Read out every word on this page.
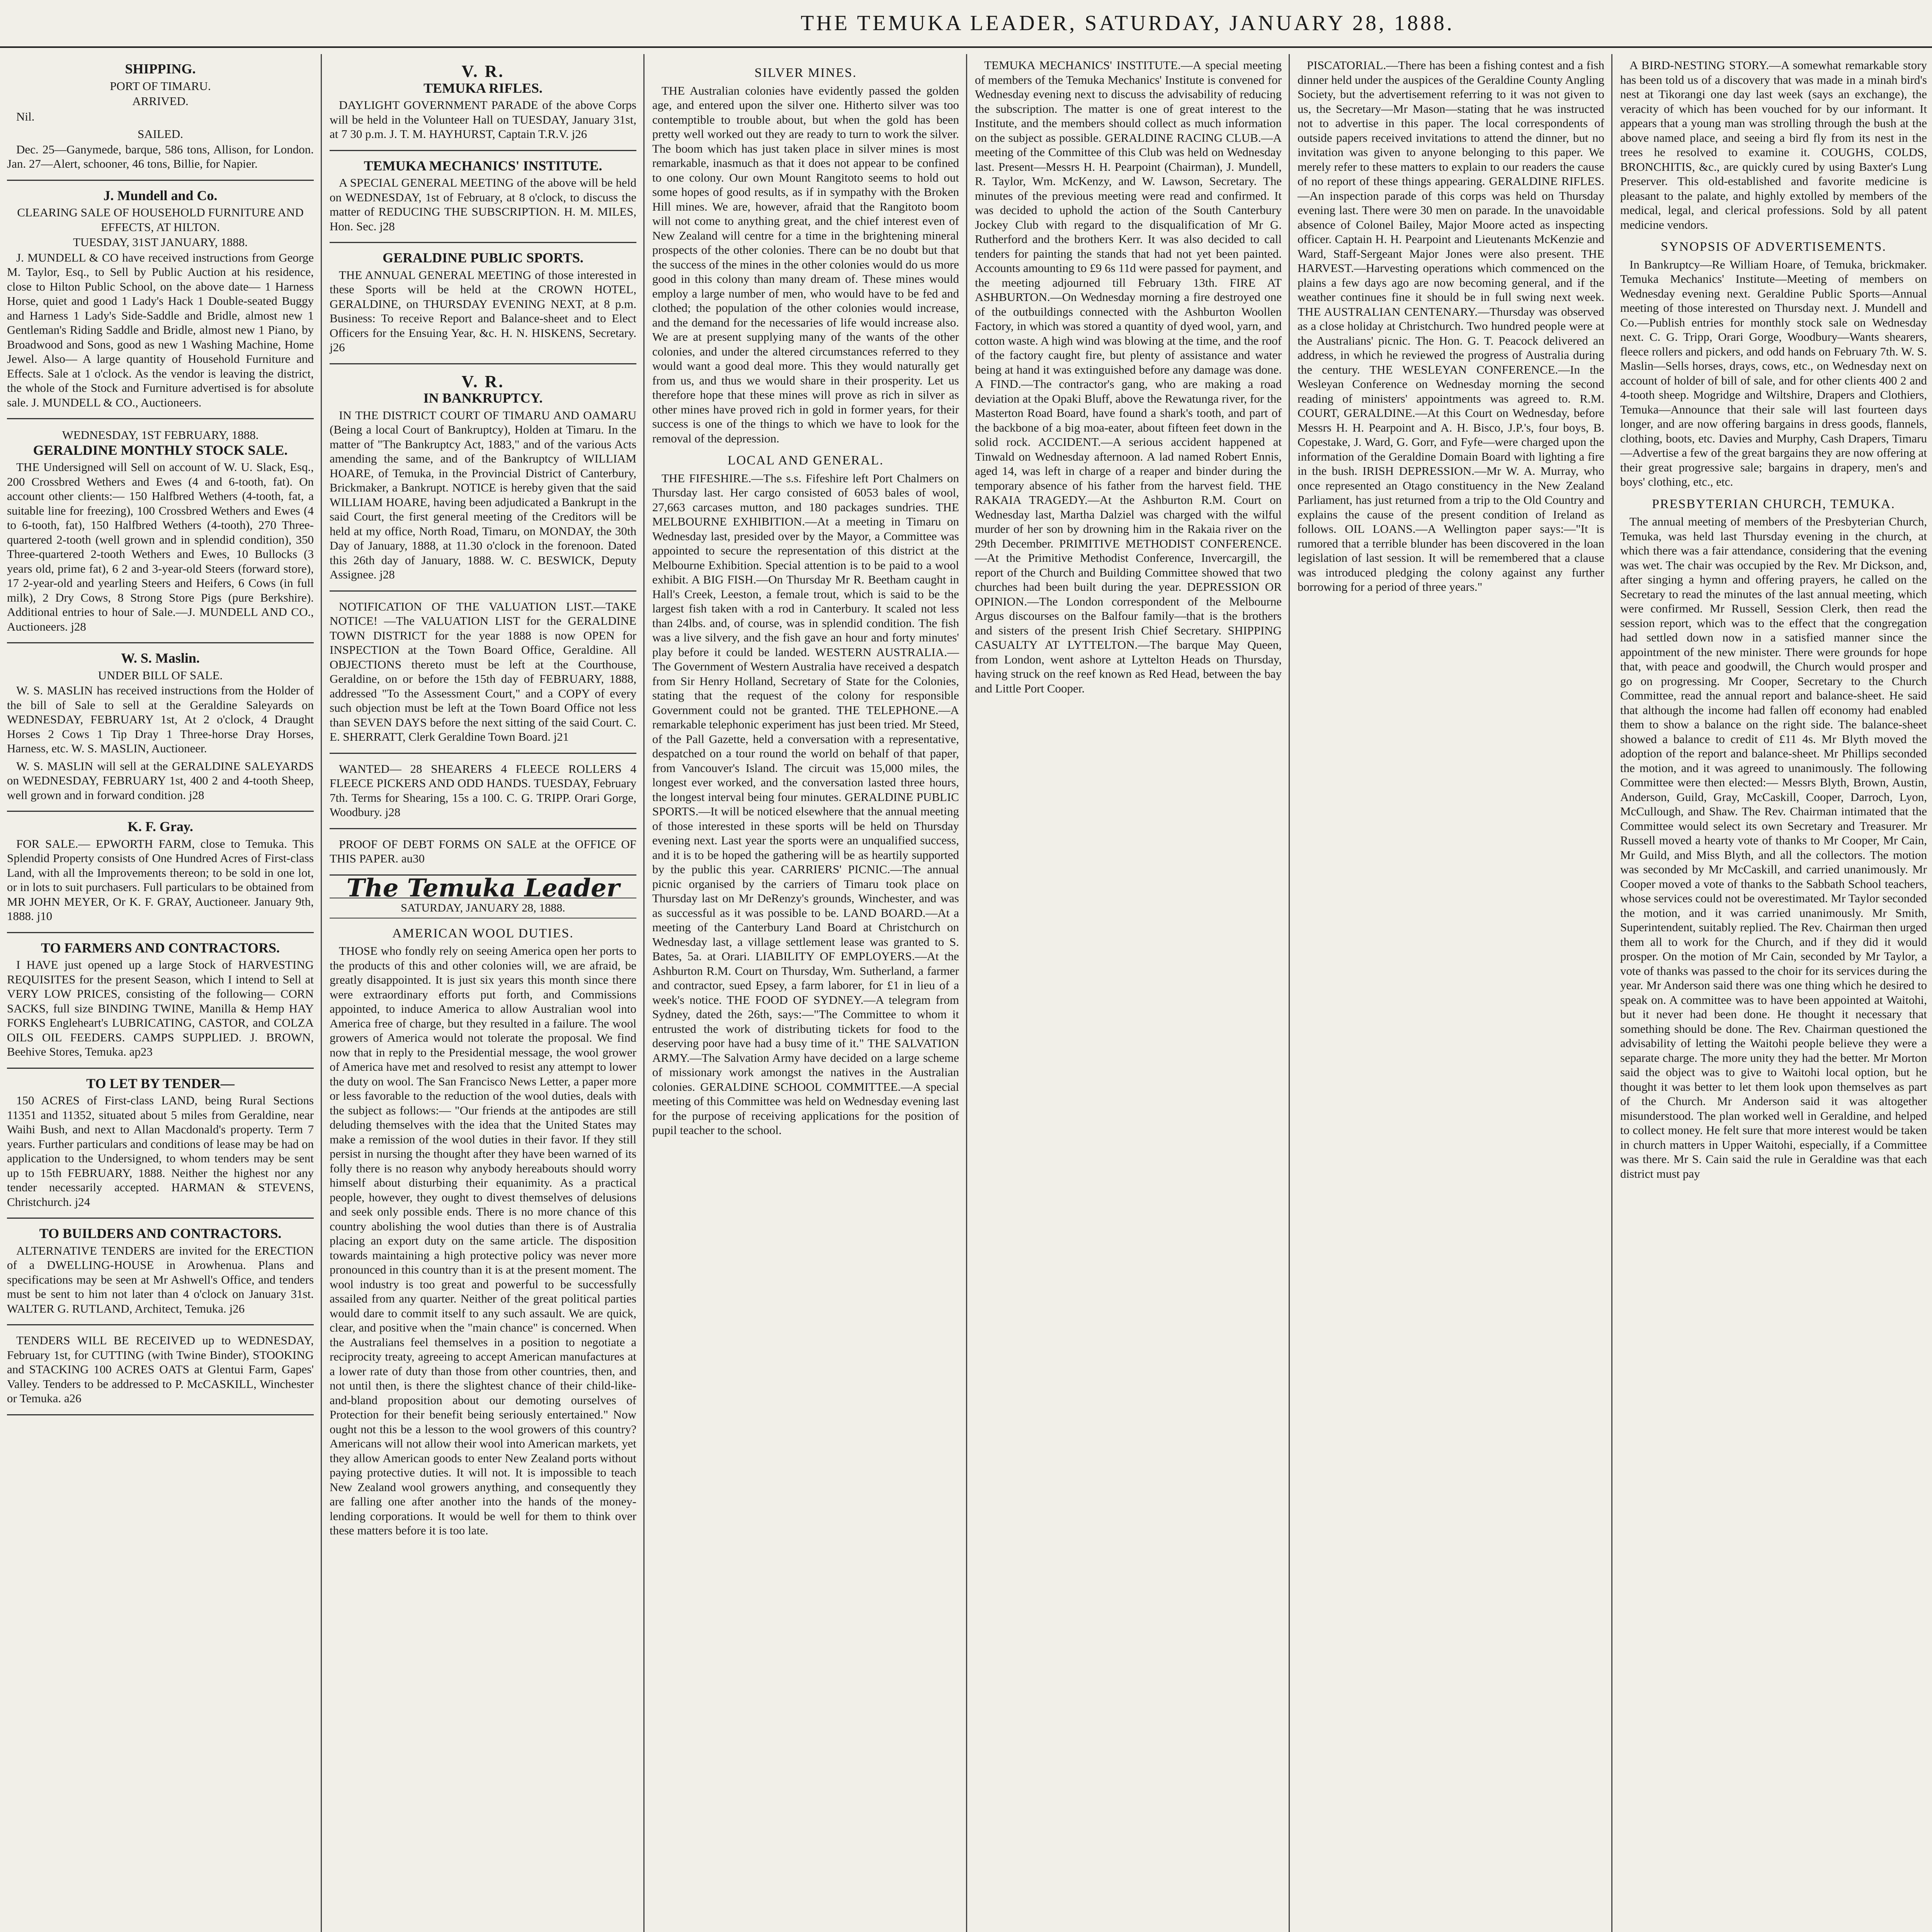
THE TEMUKA LEADER, SATURDAY, JANUARY 28, 1888.
SHIPPING.
PORT OF TIMARU.
ARRIVED.

Nil.

SAILED.

Dec. 25—Ganymede, barque, 586 tons, Allison, for London. Jan. 27—Alert, schooner, 46 tons, Billie, for Napier.

J. Mundell and Co.
CLEARING SALE OF HOUSEHOLD FURNITURE AND EFFECTS, AT HILTON.
TUESDAY, 31ST JANUARY, 1888.

J. MUNDELL & CO have received instructions from George M. Taylor, Esq., to Sell by Public Auction at his residence, close to Hilton Public School, on the above date— 1 Harness Horse, quiet and good 1 Lady's Hack 1 Double-seated Buggy and Harness 1 Lady's Side-Saddle and Bridle, almost new 1 Gentleman's Riding Saddle and Bridle, almost new 1 Piano, by Broadwood and Sons, good as new 1 Washing Machine, Home Jewel. Also— A large quantity of Household Furniture and Effects. Sale at 1 o'clock. As the vendor is leaving the district, the whole of the Stock and Furniture advertised is for absolute sale. J. MUNDELL & CO., Auctioneers.

WEDNESDAY, 1ST FEBRUARY, 1888.
GERALDINE MONTHLY STOCK SALE.

THE Undersigned will Sell on account of W. U. Slack, Esq., 200 Crossbred Wethers and Ewes (4 and 6-tooth, fat). On account other clients:— 150 Halfbred Wethers (4-tooth, fat, a suitable line for freezing), 100 Crossbred Wethers and Ewes (4 to 6-tooth, fat), 150 Halfbred Wethers (4-tooth), 270 Three-quartered 2-tooth (well grown and in splendid condition), 350 Three-quartered 2-tooth Wethers and Ewes, 10 Bullocks (3 years old, prime fat), 6 2 and 3-year-old Steers (forward store), 17 2-year-old and yearling Steers and Heifers, 6 Cows (in full milk), 2 Dry Cows, 8 Strong Store Pigs (pure Berkshire). Additional entries to hour of Sale.—J. MUNDELL AND CO., Auctioneers. j28

W. S. Maslin.
UNDER BILL OF SALE.

W. S. MASLIN has received instructions from the Holder of the bill of Sale to sell at the Geraldine Saleyards on WEDNESDAY, FEBRUARY 1st, At 2 o'clock, 4 Draught Horses 2 Cows 1 Tip Dray 1 Three-horse Dray Horses, Harness, etc. W. S. MASLIN, Auctioneer.

W. S. MASLIN will sell at the GERALDINE SALEYARDS on WEDNESDAY, FEBRUARY 1st, 400 2 and 4-tooth Sheep, well grown and in forward condition. j28

K. F. Gray.

FOR SALE.— EPWORTH FARM, close to Temuka. This Splendid Property consists of One Hundred Acres of First-class Land, with all the Improvements thereon; to be sold in one lot, or in lots to suit purchasers. Full particulars to be obtained from MR JOHN MEYER, Or K. F. GRAY, Auctioneer. January 9th, 1888. j10

TO FARMERS AND CONTRACTORS.

I HAVE just opened up a large Stock of HARVESTING REQUISITES for the present Season, which I intend to Sell at VERY LOW PRICES, consisting of the following— CORN SACKS, full size BINDING TWINE, Manilla & Hemp HAY FORKS Engleheart's LUBRICATING, CASTOR, and COLZA OILS OIL FEEDERS. CAMPS SUPPLIED. J. BROWN, Beehive Stores, Temuka. ap23

TO LET BY TENDER—

150 ACRES of First-class LAND, being Rural Sections 11351 and 11352, situated about 5 miles from Geraldine, near Waihi Bush, and next to Allan Macdonald's property. Term 7 years. Further particulars and conditions of lease may be had on application to the Undersigned, to whom tenders may be sent up to 15th FEBRUARY, 1888. Neither the highest nor any tender necessarily accepted. HARMAN & STEVENS, Christchurch. j24

TO BUILDERS AND CONTRACTORS.

ALTERNATIVE TENDERS are invited for the ERECTION of a DWELLING-HOUSE in Arowhenua. Plans and specifications may be seen at Mr Ashwell's Office, and tenders must be sent to him not later than 4 o'clock on January 31st. WALTER G. RUTLAND, Architect, Temuka. j26

TENDERS WILL BE RECEIVED up to WEDNESDAY, February 1st, for CUTTING (with Twine Binder), STOOKING and STACKING 100 ACRES OATS at Glentui Farm, Gapes' Valley. Tenders to be addressed to P. McCASKILL, Winchester or Temuka. a26

V. R.
TEMUKA RIFLES.

DAYLIGHT GOVERNMENT PARADE of the above Corps will be held in the Volunteer Hall on TUESDAY, January 31st, at 7 30 p.m. J. T. M. HAYHURST, Captain T.R.V. j26

TEMUKA MECHANICS' INSTITUTE.

A SPECIAL GENERAL MEETING of the above will be held on WEDNESDAY, 1st of February, at 8 o'clock, to discuss the matter of REDUCING THE SUBSCRIPTION. H. M. MILES, Hon. Sec. j28

GERALDINE PUBLIC SPORTS.

THE ANNUAL GENERAL MEETING of those interested in these Sports will be held at the CROWN HOTEL, GERALDINE, on THURSDAY EVENING NEXT, at 8 p.m. Business: To receive Report and Balance-sheet and to Elect Officers for the Ensuing Year, &c. H. N. HISKENS, Secretary. j26

V. R.
IN BANKRUPTCY.

IN THE DISTRICT COURT OF TIMARU AND OAMARU (Being a local Court of Bankruptcy), Holden at Timaru. In the matter of "The Bankruptcy Act, 1883," and of the various Acts amending the same, and of the Bankruptcy of WILLIAM HOARE, of Temuka, in the Provincial District of Canterbury, Brickmaker, a Bankrupt. NOTICE is hereby given that the said WILLIAM HOARE, having been adjudicated a Bankrupt in the said Court, the first general meeting of the Creditors will be held at my office, North Road, Timaru, on MONDAY, the 30th Day of January, 1888, at 11.30 o'clock in the forenoon. Dated this 26th day of January, 1888. W. C. BESWICK, Deputy Assignee. j28

NOTIFICATION OF THE VALUATION LIST.—TAKE NOTICE! —The VALUATION LIST for the GERALDINE TOWN DISTRICT for the year 1888 is now OPEN for INSPECTION at the Town Board Office, Geraldine. All OBJECTIONS thereto must be left at the Courthouse, Geraldine, on or before the 15th day of FEBRUARY, 1888, addressed "To the Assessment Court," and a COPY of every such objection must be left at the Town Board Office not less than SEVEN DAYS before the next sitting of the said Court. C. E. SHERRATT, Clerk Geraldine Town Board. j21

WANTED— 28 SHEARERS 4 FLEECE ROLLERS 4 FLEECE PICKERS AND ODD HANDS. TUESDAY, February 7th. Terms for Shearing, 15s a 100. C. G. TRIPP. Orari Gorge, Woodbury. j28

PROOF OF DEBT FORMS ON SALE at the OFFICE OF THIS PAPER. au30

The Temuka Leader
SATURDAY, JANUARY 28, 1888.
AMERICAN WOOL DUTIES.

THOSE who fondly rely on seeing America open her ports to the products of this and other colonies will, we are afraid, be greatly disappointed. It is just six years this month since there were extraordinary efforts put forth, and Commissions appointed, to induce America to allow Australian wool into America free of charge, but they resulted in a failure. The wool growers of America would not tolerate the proposal. We find now that in reply to the Presidential message, the wool grower of America have met and resolved to resist any attempt to lower the duty on wool. The San Francisco News Letter, a paper more or less favorable to the reduction of the wool duties, deals with the subject as follows:— "Our friends at the antipodes are still deluding themselves with the idea that the United States may make a remission of the wool duties in their favor. If they still persist in nursing the thought after they have been warned of its folly there is no reason why anybody hereabouts should worry himself about disturbing their equanimity. As a practical people, however, they ought to divest themselves of delusions and seek only possible ends. There is no more chance of this country abolishing the wool duties than there is of Australia placing an export duty on the same article. The disposition towards maintaining a high protective policy was never more pronounced in this country than it is at the present moment. The wool industry is too great and powerful to be successfully assailed from any quarter. Neither of the great political parties would dare to commit itself to any such assault. We are quick, clear, and positive when the "main chance" is concerned. When the Australians feel themselves in a position to negotiate a reciprocity treaty, agreeing to accept American manufactures at a lower rate of duty than those from other countries, then, and not until then, is there the slightest chance of their child-like-and-bland proposition about our demoting ourselves of Protection for their benefit being seriously entertained." Now ought not this be a lesson to the wool growers of this country? Americans will not allow their wool into American markets, yet they allow American goods to enter New Zealand ports without paying protective duties. It will not. It is impossible to teach New Zealand wool growers anything, and consequently they are falling one after another into the hands of the money-lending corporations. It would be well for them to think over these matters before it is too late.

SILVER MINES.

THE Australian colonies have evidently passed the golden age, and entered upon the silver one. Hitherto silver was too contemptible to trouble about, but when the gold has been pretty well worked out they are ready to turn to work the silver. The boom which has just taken place in silver mines is most remarkable, inasmuch as that it does not appear to be confined to one colony. Our own Mount Rangitoto seems to hold out some hopes of good results, as if in sympathy with the Broken Hill mines. We are, however, afraid that the Rangitoto boom will not come to anything great, and the chief interest even of New Zealand will centre for a time in the brightening mineral prospects of the other colonies. There can be no doubt but that the success of the mines in the other colonies would do us more good in this colony than many dream of. These mines would employ a large number of men, who would have to be fed and clothed; the population of the other colonies would increase, and the demand for the necessaries of life would increase also. We are at present supplying many of the wants of the other colonies, and under the altered circumstances referred to they would want a good deal more. This they would naturally get from us, and thus we would share in their prosperity. Let us therefore hope that these mines will prove as rich in silver as other mines have proved rich in gold in former years, for their success is one of the things to which we have to look for the removal of the depression.

LOCAL AND GENERAL.

THE FIFESHIRE.—The s.s. Fifeshire left Port Chalmers on Thursday last. Her cargo consisted of 6053 bales of wool, 27,663 carcases mutton, and 180 packages sundries. THE MELBOURNE EXHIBITION.—At a meeting in Timaru on Wednesday last, presided over by the Mayor, a Committee was appointed to secure the representation of this district at the Melbourne Exhibition. Special attention is to be paid to a wool exhibit. A BIG FISH.—On Thursday Mr R. Beetham caught in Hall's Creek, Leeston, a female trout, which is said to be the largest fish taken with a rod in Canterbury. It scaled not less than 24lbs. and, of course, was in splendid condition. The fish was a live silvery, and the fish gave an hour and forty minutes' play before it could be landed. WESTERN AUSTRALIA.—The Government of Western Australia have received a despatch from Sir Henry Holland, Secretary of State for the Colonies, stating that the request of the colony for responsible Government could not be granted. THE TELEPHONE.—A remarkable telephonic experiment has just been tried. Mr Steed, of the Pall Gazette, held a conversation with a representative, despatched on a tour round the world on behalf of that paper, from Vancouver's Island. The circuit was 15,000 miles, the longest ever worked, and the conversation lasted three hours, the longest interval being four minutes. GERALDINE PUBLIC SPORTS.—It will be noticed elsewhere that the annual meeting of those interested in these sports will be held on Thursday evening next. Last year the sports were an unqualified success, and it is to be hoped the gathering will be as heartily supported by the public this year. CARRIERS' PICNIC.—The annual picnic organised by the carriers of Timaru took place on Thursday last on Mr DeRenzy's grounds, Winchester, and was as successful as it was possible to be. LAND BOARD.—At a meeting of the Canterbury Land Board at Christchurch on Wednesday last, a village settlement lease was granted to S. Bates, 5a. at Orari. LIABILITY OF EMPLOYERS.—At the Ashburton R.M. Court on Thursday, Wm. Sutherland, a farmer and contractor, sued Epsey, a farm laborer, for £1 in lieu of a week's notice. THE FOOD OF SYDNEY.—A telegram from Sydney, dated the 26th, says:—"The Committee to whom it entrusted the work of distributing tickets for food to the deserving poor have had a busy time of it." THE SALVATION ARMY.—The Salvation Army have decided on a large scheme of missionary work amongst the natives in the Australian colonies. GERALDINE SCHOOL COMMITTEE.—A special meeting of this Committee was held on Wednesday evening last for the purpose of receiving applications for the position of pupil teacher to the school.

TEMUKA MECHANICS' INSTITUTE.—A special meeting of members of the Temuka Mechanics' Institute is convened for Wednesday evening next to discuss the advisability of reducing the subscription. The matter is one of great interest to the Institute, and the members should collect as much information on the subject as possible. GERALDINE RACING CLUB.—A meeting of the Committee of this Club was held on Wednesday last. Present—Messrs H. H. Pearpoint (Chairman), J. Mundell, R. Taylor, Wm. McKenzy, and W. Lawson, Secretary. The minutes of the previous meeting were read and confirmed. It was decided to uphold the action of the South Canterbury Jockey Club with regard to the disqualification of Mr G. Rutherford and the brothers Kerr. It was also decided to call tenders for painting the stands that had not yet been painted. Accounts amounting to £9 6s 11d were passed for payment, and the meeting adjourned till February 13th. FIRE AT ASHBURTON.—On Wednesday morning a fire destroyed one of the outbuildings connected with the Ashburton Woollen Factory, in which was stored a quantity of dyed wool, yarn, and cotton waste. A high wind was blowing at the time, and the roof of the factory caught fire, but plenty of assistance and water being at hand it was extinguished before any damage was done. A FIND.—The contractor's gang, who are making a road deviation at the Opaki Bluff, above the Rewatunga river, for the Masterton Road Board, have found a shark's tooth, and part of the backbone of a big moa-eater, about fifteen feet down in the solid rock. ACCIDENT.—A serious accident happened at Tinwald on Wednesday afternoon. A lad named Robert Ennis, aged 14, was left in charge of a reaper and binder during the temporary absence of his father from the harvest field. THE RAKAIA TRAGEDY.—At the Ashburton R.M. Court on Wednesday last, Martha Dalziel was charged with the wilful murder of her son by drowning him in the Rakaia river on the 29th December. PRIMITIVE METHODIST CONFERENCE.—At the Primitive Methodist Conference, Invercargill, the report of the Church and Building Committee showed that two churches had been built during the year. DEPRESSION OR OPINION.—The London correspondent of the Melbourne Argus discourses on the Balfour family—that is the brothers and sisters of the present Irish Chief Secretary. SHIPPING CASUALTY AT LYTTELTON.—The barque May Queen, from London, went ashore at Lyttelton Heads on Thursday, having struck on the reef known as Red Head, between the bay and Little Port Cooper.

PISCATORIAL.—There has been a fishing contest and a fish dinner held under the auspices of the Geraldine County Angling Society, but the advertisement referring to it was not given to us, the Secretary—Mr Mason—stating that he was instructed not to advertise in this paper. The local correspondents of outside papers received invitations to attend the dinner, but no invitation was given to anyone belonging to this paper. We merely refer to these matters to explain to our readers the cause of no report of these things appearing. GERALDINE RIFLES.—An inspection parade of this corps was held on Thursday evening last. There were 30 men on parade. In the unavoidable absence of Colonel Bailey, Major Moore acted as inspecting officer. Captain H. H. Pearpoint and Lieutenants McKenzie and Ward, Staff-Sergeant Major Jones were also present. THE HARVEST.—Harvesting operations which commenced on the plains a few days ago are now becoming general, and if the weather continues fine it should be in full swing next week. THE AUSTRALIAN CENTENARY.—Thursday was observed as a close holiday at Christchurch. Two hundred people were at the Australians' picnic. The Hon. G. T. Peacock delivered an address, in which he reviewed the progress of Australia during the century. THE WESLEYAN CONFERENCE.—In the Wesleyan Conference on Wednesday morning the second reading of ministers' appointments was agreed to. R.M. COURT, GERALDINE.—At this Court on Wednesday, before Messrs H. H. Pearpoint and A. H. Bisco, J.P.'s, four boys, B. Copestake, J. Ward, G. Gorr, and Fyfe—were charged upon the information of the Geraldine Domain Board with lighting a fire in the bush. IRISH DEPRESSION.—Mr W. A. Murray, who once represented an Otago constituency in the New Zealand Parliament, has just returned from a trip to the Old Country and explains the cause of the present condition of Ireland as follows. OIL LOANS.—A Wellington paper says:—"It is rumored that a terrible blunder has been discovered in the loan legislation of last session. It will be remembered that a clause was introduced pledging the colony against any further borrowing for a period of three years."

A BIRD-NESTING STORY.—A somewhat remarkable story has been told us of a discovery that was made in a minah bird's nest at Tikorangi one day last week (says an exchange), the veracity of which has been vouched for by our informant. It appears that a young man was strolling through the bush at the above named place, and seeing a bird fly from its nest in the trees he resolved to examine it. COUGHS, COLDS, BRONCHITIS, &c., are quickly cured by using Baxter's Lung Preserver. This old-established and favorite medicine is pleasant to the palate, and highly extolled by members of the medical, legal, and clerical professions. Sold by all patent medicine vendors.

SYNOPSIS OF ADVERTISEMENTS.

In Bankruptcy—Re William Hoare, of Temuka, brickmaker. Temuka Mechanics' Institute—Meeting of members on Wednesday evening next. Geraldine Public Sports—Annual meeting of those interested on Thursday next. J. Mundell and Co.—Publish entries for monthly stock sale on Wednesday next. C. G. Tripp, Orari Gorge, Woodbury—Wants shearers, fleece rollers and pickers, and odd hands on February 7th. W. S. Maslin—Sells horses, drays, cows, etc., on Wednesday next on account of holder of bill of sale, and for other clients 400 2 and 4-tooth sheep. Mogridge and Wiltshire, Drapers and Clothiers, Temuka—Announce that their sale will last fourteen days longer, and are now offering bargains in dress goods, flannels, clothing, boots, etc. Davies and Murphy, Cash Drapers, Timaru—Advertise a few of the great bargains they are now offering at their great progressive sale; bargains in drapery, men's and boys' clothing, etc., etc.

PRESBYTERIAN CHURCH, TEMUKA.

The annual meeting of members of the Presbyterian Church, Temuka, was held last Thursday evening in the church, at which there was a fair attendance, considering that the evening was wet. The chair was occupied by the Rev. Mr Dickson, and, after singing a hymn and offering prayers, he called on the Secretary to read the minutes of the last annual meeting, which were confirmed. Mr Russell, Session Clerk, then read the session report, which was to the effect that the congregation had settled down now in a satisfied manner since the appointment of the new minister. There were grounds for hope that, with peace and goodwill, the Church would prosper and go on progressing. Mr Cooper, Secretary to the Church Committee, read the annual report and balance-sheet. He said that although the income had fallen off economy had enabled them to show a balance on the right side. The balance-sheet showed a balance to credit of £11 4s. Mr Blyth moved the adoption of the report and balance-sheet. Mr Phillips seconded the motion, and it was agreed to unanimously. The following Committee were then elected:— Messrs Blyth, Brown, Austin, Anderson, Guild, Gray, McCaskill, Cooper, Darroch, Lyon, McCullough, and Shaw. The Rev. Chairman intimated that the Committee would select its own Secretary and Treasurer. Mr Russell moved a hearty vote of thanks to Mr Cooper, Mr Cain, Mr Guild, and Miss Blyth, and all the collectors. The motion was seconded by Mr McCaskill, and carried unanimously. Mr Cooper moved a vote of thanks to the Sabbath School teachers, whose services could not be overestimated. Mr Taylor seconded the motion, and it was carried unanimously. Mr Smith, Superintendent, suitably replied. The Rev. Chairman then urged them all to work for the Church, and if they did it would prosper. On the motion of Mr Cain, seconded by Mr Taylor, a vote of thanks was passed to the choir for its services during the year. Mr Anderson said there was one thing which he desired to speak on. A committee was to have been appointed at Waitohi, but it never had been done. He thought it necessary that something should be done. The Rev. Chairman questioned the advisability of letting the Waitohi people believe they were a separate charge. The more unity they had the better. Mr Morton said the object was to give to Waitohi local option, but he thought it was better to let them look upon themselves as part of the Church. Mr Anderson said it was altogether misunderstood. The plan worked well in Geraldine, and helped to collect money. He felt sure that more interest would be taken in church matters in Upper Waitohi, especially, if a Committee was there. Mr S. Cain said the rule in Geraldine was that each district must pay
